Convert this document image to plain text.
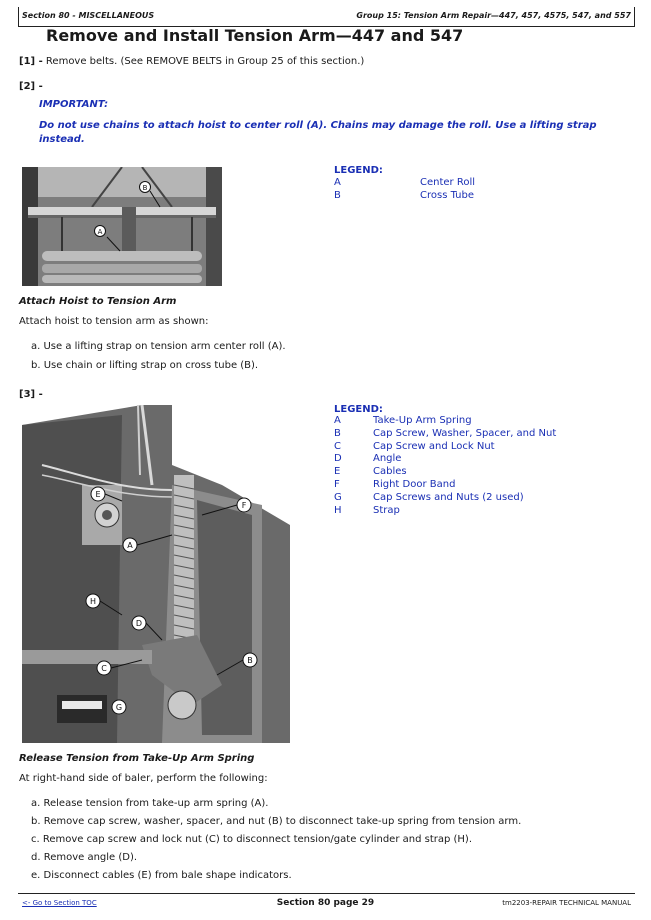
Section 80 - MISCELLANEOUS	Group 15: Tension Arm Repair—447, 457, 4575, 547, and 557
Remove and Install Tension Arm—447 and 547
[1] - Remove belts. (See REMOVE BELTS in Group 25 of this section.)
[2] -
IMPORTANT:
Do not use chains to attach hoist to center roll (A). Chains may damage the roll. Use a lifting strap instead.
A
B
LEGEND:
A	Center Roll
B	Cross Tube
Attach Hoist to Tension Arm
Attach hoist to tension arm as shown:
a. Use a lifting strap on tension arm center roll (A).
b. Use chain or lifting strap on cross tube (B).
[3] -
A
B
C
D
E
F
G
H
LEGEND:
A	Take-Up Arm Spring
B	Cap Screw, Washer, Spacer, and Nut
C	Cap Screw and Lock Nut
D	Angle
E	Cables
F	Right Door Band
G	Cap Screws and Nuts (2 used)
H	Strap
Release Tension from Take-Up Arm Spring
At right-hand side of baler, perform the following:
a. Release tension from take-up arm spring (A).
b. Remove cap screw, washer, spacer, and nut (B) to disconnect take-up spring from tension arm.
c. Remove cap screw and lock nut (C) to disconnect tension/gate cylinder and strap (H).
d. Remove angle (D).
e. Disconnect cables (E) from bale shape indicators.
<- Go to Section TOC	Section 80 page 29	tm2203-REPAIR TECHNICAL MANUAL
